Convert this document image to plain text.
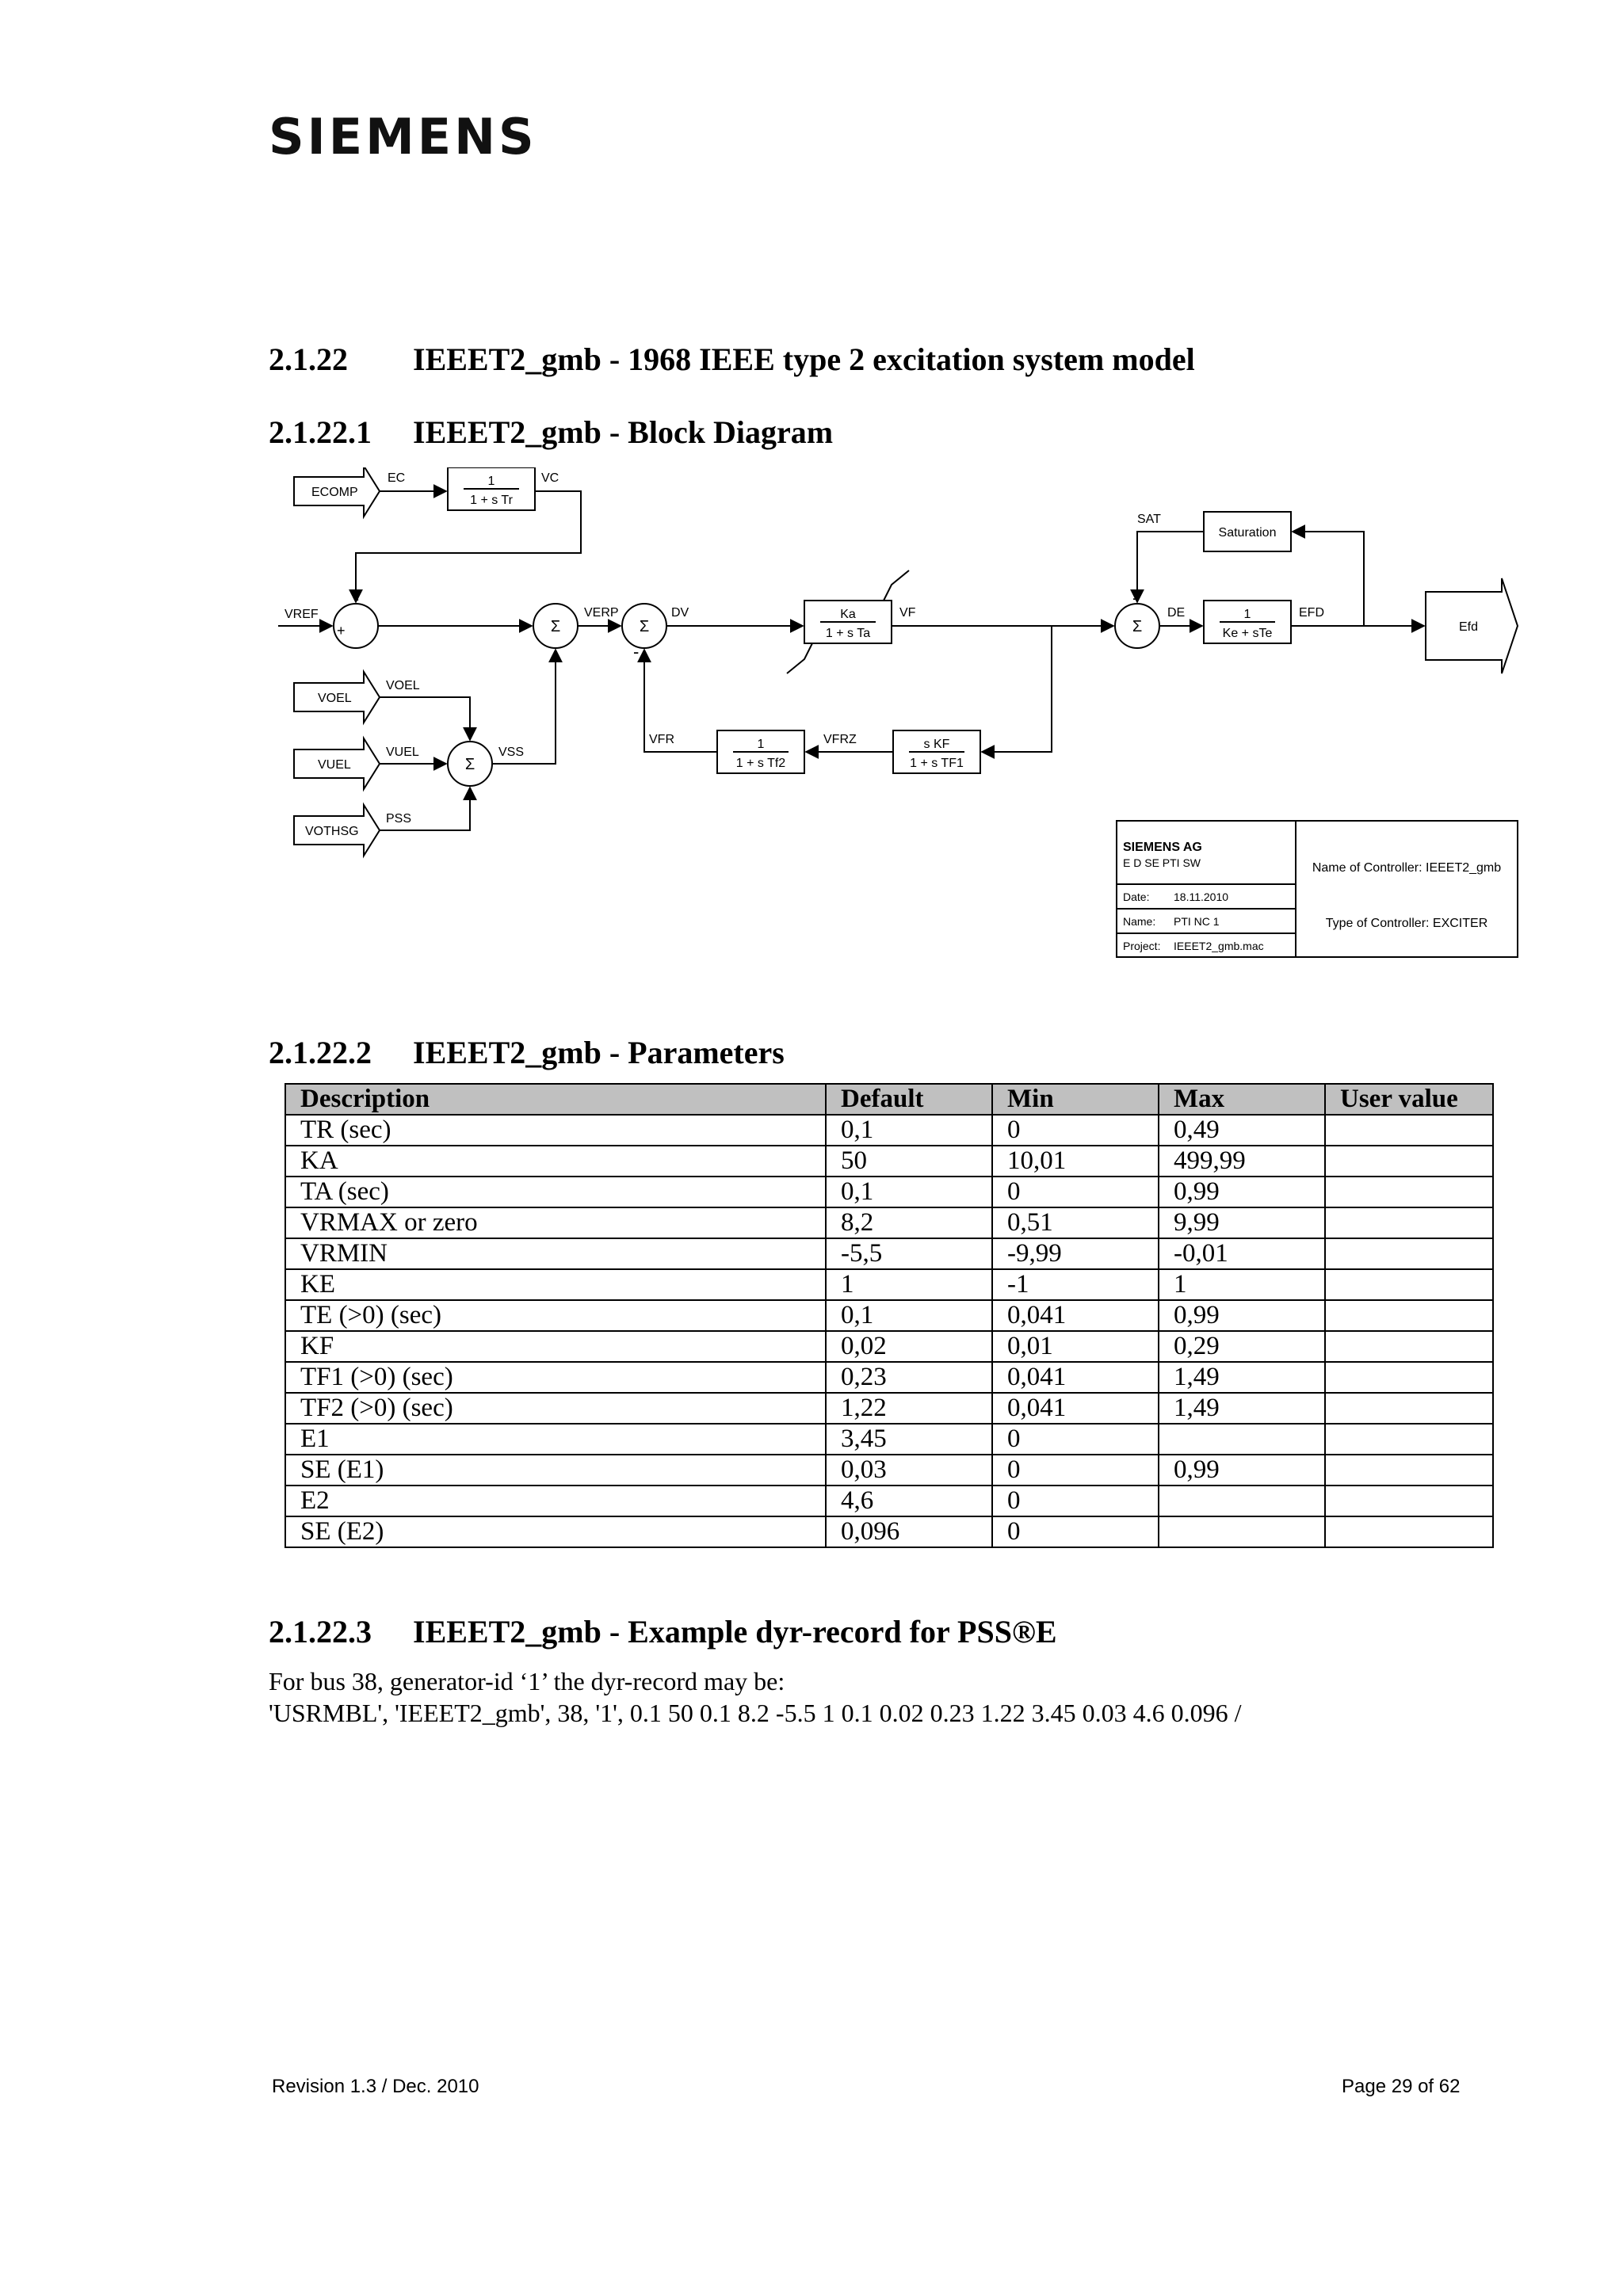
SIEMENS
2.1.22 IEEET2_gmb - 1968 IEEE type 2 excitation system model
2.1.22.1 IEEET2_gmb - Block Diagram
ECOMP
VREF
VOEL
VUEL
VOTHSG
Efd
EC	VC
VERP	DV	VF
SAT
DE	EFD
VOEL
VUEL	VSS
PSS
VFR	VFRZ
1
1 + s Tr
Ka
1 + s Ta
1
Ke + sTe
Saturation
1
1 + s Tf2
s KF
1 + s TF1
-
+
-
-
Σ	Σ	Σ
Σ
SIEMENS AG
E D SE PTI SW
Date: 18.11.2010
Name: PTI NC 1
Project: IEEET2_gmb.mac
Name of Controller: IEEET2_gmb
Type of Controller: EXCITER
2.1.22.2 IEEET2_gmb - Parameters
Description	Default	Min	Max	User value
TR (sec)	0,1	0	0,49	
KA	50	10,01	499,99	
TA (sec)	0,1	0	0,99	
VRMAX or zero	8,2	0,51	9,99	
VRMIN	-5,5	-9,99	-0,01	
KE	1	-1	1	
TE (>0) (sec)	0,1	0,041	0,99	
KF	0,02	0,01	0,29	
TF1 (>0) (sec)	0,23	0,041	1,49	
TF2 (>0) (sec)	1,22	0,041	1,49	
E1	3,45	0		
SE (E1)	0,03	0	0,99	
E2	4,6	0		
SE (E2)	0,096	0		
2.1.22.3 IEEET2_gmb - Example dyr-record for PSS®E
For bus 38, generator-id ‘1’ the dyr-record may be:
'USRMBL', 'IEEET2_gmb', 38, '1', 0.1 50 0.1 8.2 -5.5 1 0.1 0.02 0.23 1.22 3.45 0.03 4.6 0.096 /
Revision 1.3 / Dec. 2010	Page 29 of 62
